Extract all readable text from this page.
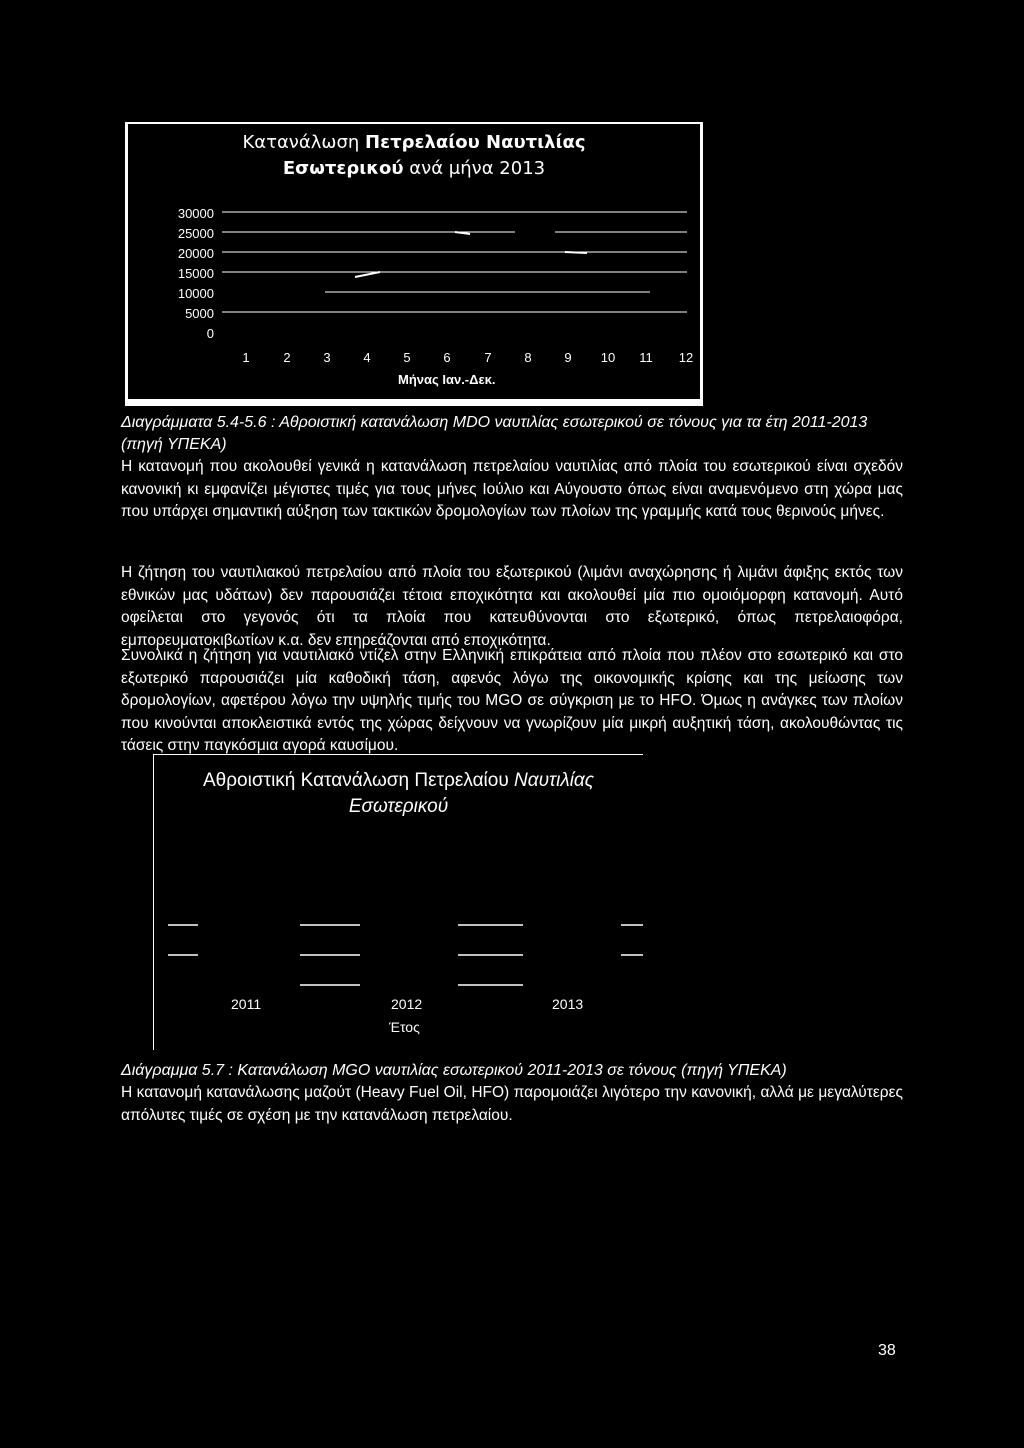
Κατανάλωση Πετρελαίου Ναυτιλίας
Εσωτερικού ανά μήνα 2013
30000
25000
20000
15000
10000
5000
0
1	2	3	4	5	6	7	8	9	10	11	12
Μήνας Ιαν.-Δεκ.
Διαγράμματα 5.4-5.6 : Αθροιστική κατανάλωση MDO ναυτιλίας εσωτερικού σε τόνους για τα έτη 2011-2013 (πηγή ΥΠΕΚΑ)
Η κατανομή που ακολουθεί γενικά η κατανάλωση πετρελαίου ναυτιλίας από πλοία του εσωτερικού είναι σχεδόν κανονική κι εμφανίζει μέγιστες τιμές για τους μήνες Ιούλιο και Αύγουστο όπως είναι αναμενόμενο στη χώρα μας που υπάρχει σημαντική αύξηση των τακτικών δρομολογίων των πλοίων της γραμμής κατά τους θερινούς μήνες.
Η ζήτηση του ναυτιλιακού πετρελαίου από πλοία του εξωτερικού (λιμάνι αναχώρησης ή λιμάνι άφιξης εκτός των εθνικών μας υδάτων) δεν παρουσιάζει τέτοια εποχικότητα και ακολουθεί μία πιο ομοιόμορφη κατανομή. Αυτό οφείλεται στο γεγονός ότι τα πλοία που κατευθύνονται στο εξωτερικό, όπως πετρελαιοφόρα, εμπορευματοκιβωτίων κ.α. δεν επηρεάζονται από εποχικότητα.
Συνολικά η ζήτηση για ναυτιλιακό ντίζελ στην Ελληνική επικράτεια από πλοία που πλέον στο εσωτερικό και στο εξωτερικό παρουσιάζει μία καθοδική τάση, αφενός λόγω της οικονομικής κρίσης και της μείωσης των δρομολογίων, αφετέρου λόγω την υψηλής τιμής του MGO σε σύγκριση με το HFO. Όμως η ανάγκες των πλοίων που κινούνται αποκλειστικά εντός της χώρας δείχνουν να γνωρίζουν μία μικρή αυξητική τάση, ακολουθώντας τις τάσεις στην παγκόσμια αγορά καυσίμου.
Αθροιστική Κατανάλωση Πετρελαίου Ναυτιλίας
Εσωτερικού
2011	2012	2013
Έτος
Διάγραμμα 5.7 : Κατανάλωση MGO ναυτιλίας εσωτερικού 2011-2013 σε τόνους (πηγή ΥΠΕΚΑ)
Η κατανομή κατανάλωσης μαζούτ (Heavy Fuel Oil, HFO) παρομοιάζει λιγότερο την κανονική, αλλά με μεγαλύτερες απόλυτες τιμές σε σχέση με την κατανάλωση πετρελαίου.
38
